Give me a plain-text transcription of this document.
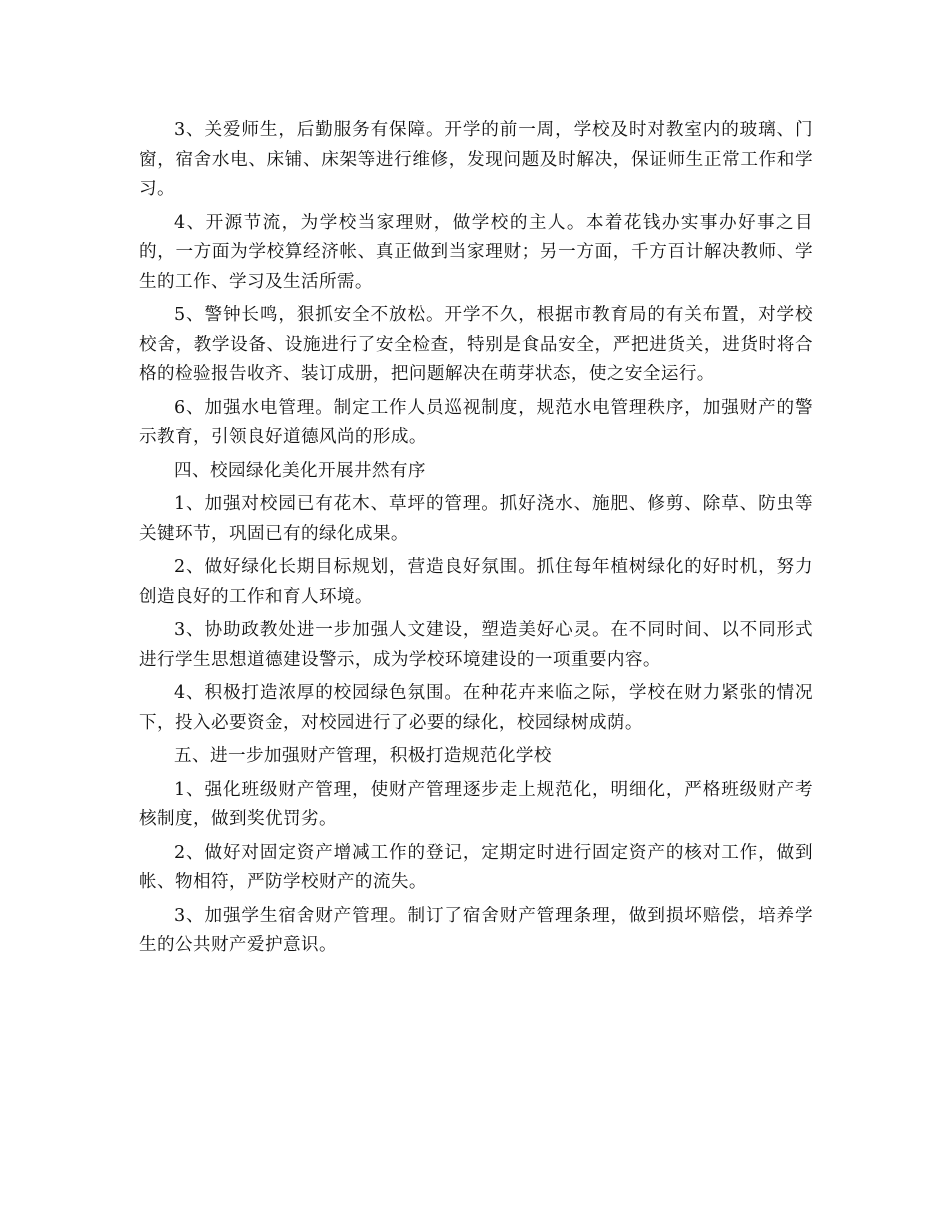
3、关爱师生，后勤服务有保障。开学的前一周，学校及时对教室内的玻璃、门窗，宿舍水电、床铺、床架等进行维修，发现问题及时解决，保证师生正常工作和学习。

4、开源节流，为学校当家理财，做学校的主人。本着花钱办实事办好事之目的，一方面为学校算经济帐、真正做到当家理财；另一方面，千方百计解决教师、学生的工作、学习及生活所需。

5、警钟长鸣，狠抓安全不放松。开学不久，根据市教育局的有关布置，对学校校舍，教学设备、设施进行了安全检查，特别是食品安全，严把进货关，进货时将合格的检验报告收齐、装订成册，把问题解决在萌芽状态，使之安全运行。

6、加强水电管理。制定工作人员巡视制度，规范水电管理秩序，加强财产的警示教育，引领良好道德风尚的形成。

四、校园绿化美化开展井然有序

1、加强对校园已有花木、草坪的管理。抓好浇水、施肥、修剪、除草、防虫等关键环节，巩固已有的绿化成果。

2、做好绿化长期目标规划，营造良好氛围。抓住每年植树绿化的好时机，努力创造良好的工作和育人环境。

3、协助政教处进一步加强人文建设，塑造美好心灵。在不同时间、以不同形式进行学生思想道德建设警示，成为学校环境建设的一项重要内容。

4、积极打造浓厚的校园绿色氛围。在种花卉来临之际，学校在财力紧张的情况下，投入必要资金，对校园进行了必要的绿化，校园绿树成荫。

五、进一步加强财产管理，积极打造规范化学校

1、强化班级财产管理，使财产管理逐步走上规范化，明细化，严格班级财产考核制度，做到奖优罚劣。

2、做好对固定资产增减工作的登记，定期定时进行固定资产的核对工作，做到帐、物相符，严防学校财产的流失。

3、加强学生宿舍财产管理。制订了宿舍财产管理条理，做到损坏赔偿，培养学生的公共财产爱护意识。
